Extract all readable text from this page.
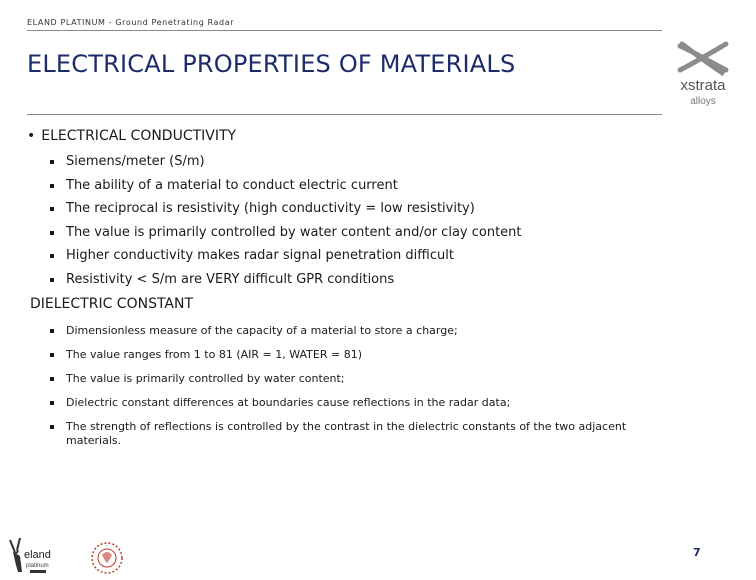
ELAND PLATINUM - Ground Penetrating Radar
ELECTRICAL PROPERTIES OF MATERIALS
xstrata
alloys
• ELECTRICAL CONDUCTIVITY
Siemens/meter (S/m)
The ability of a material to conduct electric current
The reciprocal is resistivity (high conductivity = low resistivity)
The value is primarily controlled by water content and/or clay content
Higher conductivity makes radar signal penetration difficult
Resistivity < S/m are VERY difficult GPR conditions
DIELECTRIC CONSTANT
Dimensionless measure of the capacity of a material to store a charge;
The value ranges from 1 to 81 (AIR = 1, WATER = 81)
The value is primarily controlled by water content;
Dielectric constant differences at boundaries cause reflections in the radar data;
The strength of reflections is controlled by the contrast in the dielectric constants of the two adjacent materials.
eland
platinum
7
